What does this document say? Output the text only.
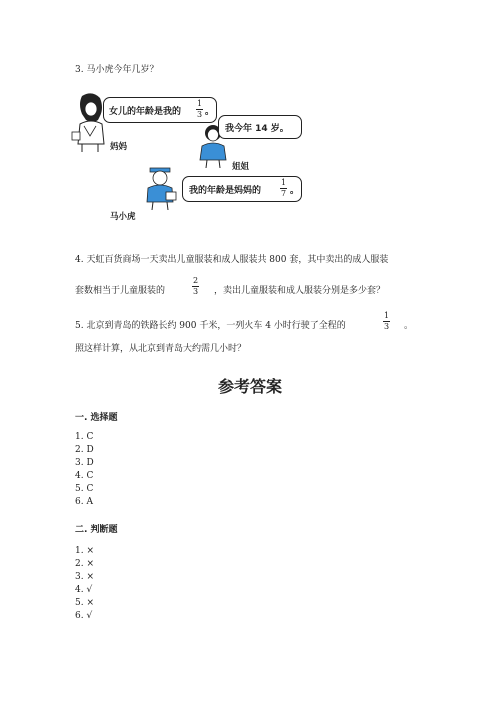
3. 马小虎今年几岁？
妈妈
女儿的年龄是我的
1
3 。
姐姐
我今年 14 岁。
马小虎
我的年龄是妈妈的
1
7 。
4. 天虹百货商场一天卖出儿童服装和成人服装共 800 套，其中卖出的成人服装
套数相当于儿童服装的
2
3 ，卖出儿童服装和成人服装分别是多少套？
5. 北京到青岛的铁路长约 900 千米，一列火车 4 小时行驶了全程的
1
3 。
照这样计算，从北京到青岛大约需几小时？
参考答案
一. 选择题
1. C
2. D
3. D
4. C
5. C
6. A
二. 判断题
1. ×
2. ×
3. ×
4. √
5. ×
6. √
